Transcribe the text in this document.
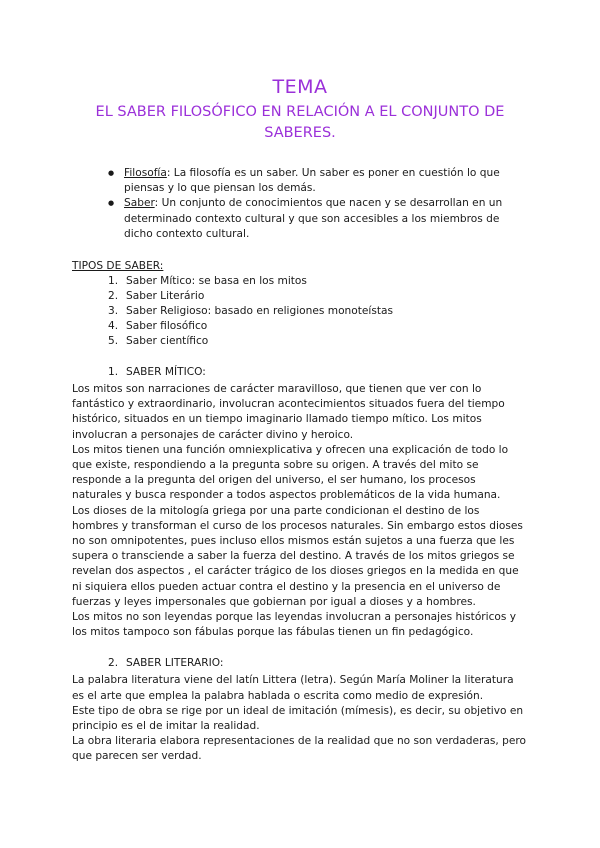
TEMA
EL SABER FILOSÓFICO EN RELACIÓN A EL CONJUNTO DE SABERES.
● Filosofía: La filosofía es un saber. Un saber es poner en cuestión lo que piensas y lo que piensan los demás.
● Saber: Un conjunto de conocimientos que nacen y se desarrollan en un determinado contexto cultural y que son accesibles a los miembros de dicho contexto cultural.

TIPOS DE SABER:

1. Saber Mítico: se basa en los mitos
2. Saber Literário
3. Saber Religioso: basado en religiones monoteístas
4. Saber filosófico
5. Saber científico

1. SABER MÍTICO:

Los mitos son narraciones de carácter maravilloso, que tienen que ver con lo fantástico y extraordinario, involucran acontecimientos situados fuera del tiempo histórico, situados en un tiempo imaginario llamado tiempo mítico. Los mitos involucran a personajes de carácter divino y heroico.

Los mitos tienen una función omniexplicativa y ofrecen una explicación de todo lo que existe, respondiendo a la pregunta sobre su origen. A través del mito se responde a la pregunta del origen del universo, el ser humano, los procesos naturales y busca responder a todos aspectos problemáticos de la vida humana.

Los dioses de la mitología griega por una parte condicionan el destino de los hombres y transforman el curso de los procesos naturales. Sin embargo estos dioses no son omnipotentes, pues incluso ellos mismos están sujetos a una fuerza que les supera o transciende a saber la fuerza del destino. A través de los mitos griegos se revelan dos aspectos , el carácter trágico de los dioses griegos en la medida en que ni siquiera ellos pueden actuar contra el destino y la presencia en el universo de fuerzas y leyes impersonales que gobiernan por igual a dioses y a hombres.

Los mitos no son leyendas porque las leyendas involucran a personajes históricos y los mitos tampoco son fábulas porque las fábulas tienen un fin pedagógico.

2. SABER LITERARIO:

La palabra literatura viene del latín Littera (letra). Según María Moliner la literatura es el arte que emplea la palabra hablada o escrita como medio de expresión.

Este tipo de obra se rige por un ideal de imitación (mímesis), es decir, su objetivo en principio es el de imitar la realidad.

La obra literaria elabora representaciones de la realidad que no son verdaderas, pero que parecen ser verdad.
